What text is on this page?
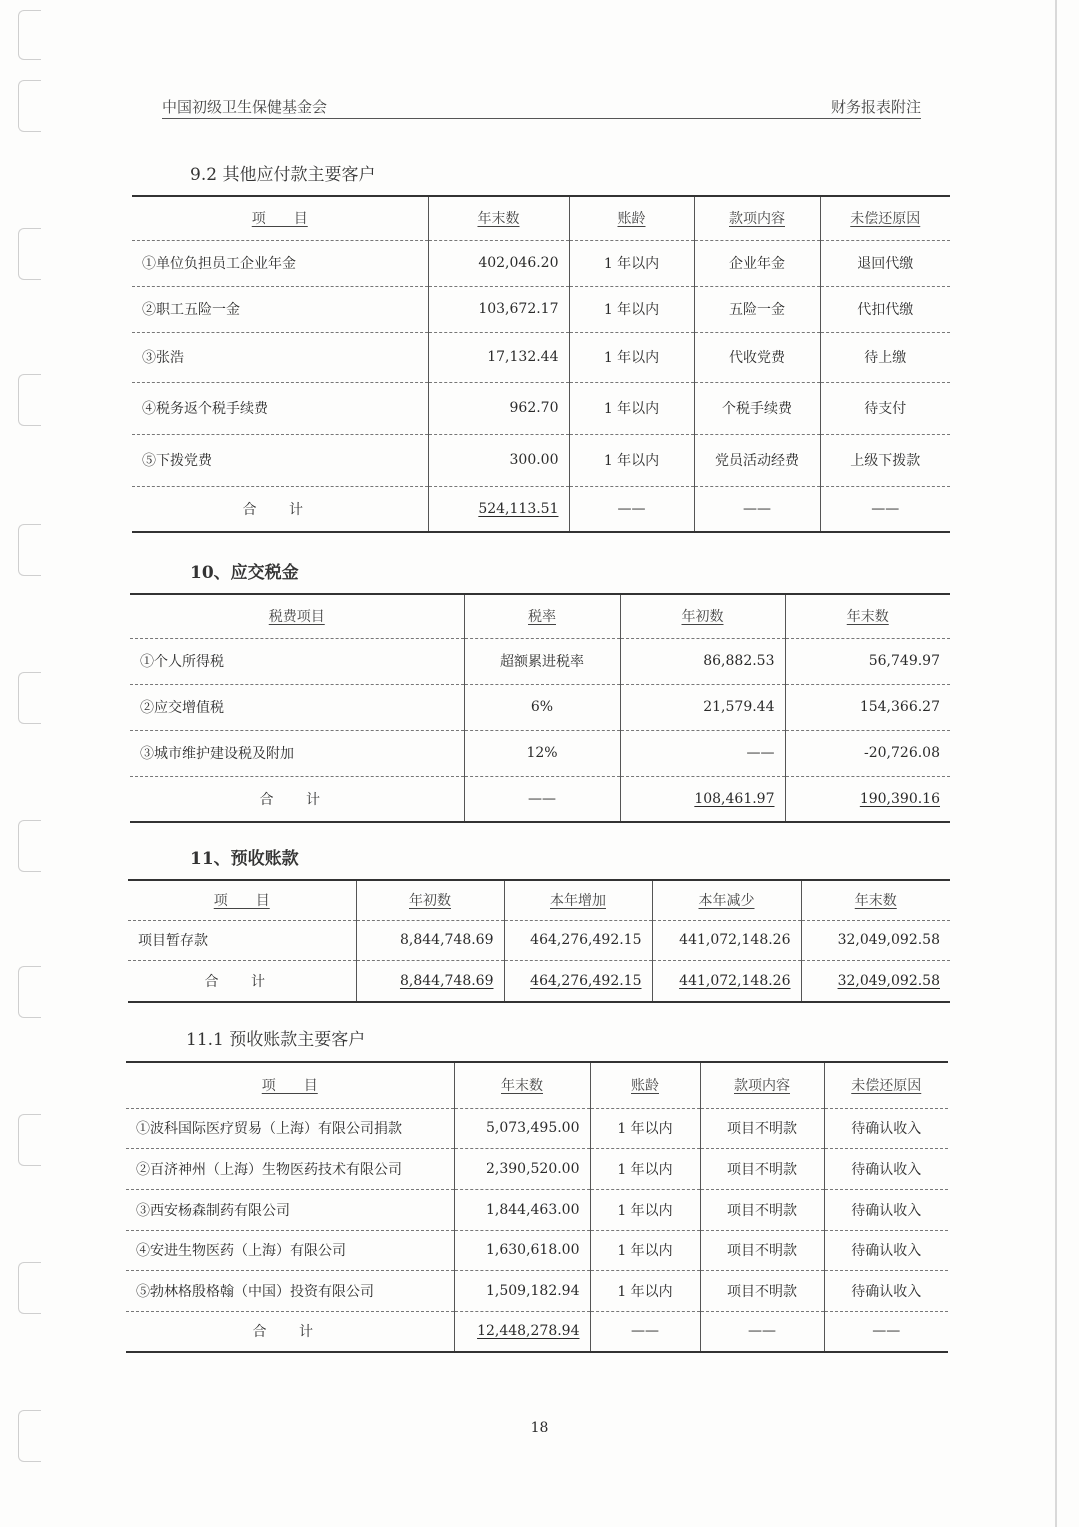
中国初级卫生保健基金会	财务报表附注
9.2 其他应付款主要客户
项　　目	年末数	账龄	款项内容	未偿还原因
①单位负担员工企业年金	402,046.20	1 年以内	企业年金	退回代缴
②职工五险一金	103,672.17	1 年以内	五险一金	代扣代缴
③张浩	17,132.44	1 年以内	代收党费	待上缴
④税务返个税手续费	962.70	1 年以内	个税手续费	待支付
⑤下拨党费	300.00	1 年以内	党员活动经费	上级下拨款
合 计	524,113.51	——	——	——
10、应交税金
税费项目	税率	年初数	年末数
①个人所得税	超额累进税率	86,882.53	56,749.97
②应交增值税	6%	21,579.44	154,366.27
③城市维护建设税及附加	12%	——	-20,726.08
合 计	——	108,461.97	190,390.16
11、预收账款
项　　目	年初数	本年增加	本年减少	年末数
项目暂存款	8,844,748.69	464,276,492.15	441,072,148.26	32,049,092.58
合 计	8,844,748.69	464,276,492.15	441,072,148.26	32,049,092.58
11.1 预收账款主要客户
项　　目	年末数	账龄	款项内容	未偿还原因
①波科国际医疗贸易（上海）有限公司捐款	5,073,495.00	1 年以内	项目不明款	待确认收入
②百济神州（上海）生物医药技术有限公司	2,390,520.00	1 年以内	项目不明款	待确认收入
③西安杨森制药有限公司	1,844,463.00	1 年以内	项目不明款	待确认收入
④安进生物医药（上海）有限公司	1,630,618.00	1 年以内	项目不明款	待确认收入
⑤勃林格殷格翰（中国）投资有限公司	1,509,182.94	1 年以内	项目不明款	待确认收入
合 计	12,448,278.94	——	——	——
18
